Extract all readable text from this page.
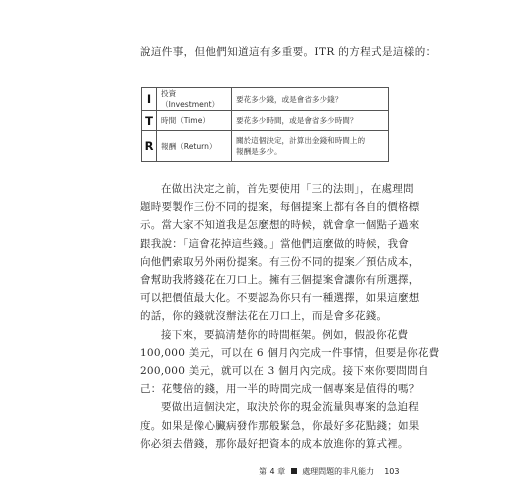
說這件事，但他們知道這有多重要。ITR 的方程式是這樣的：
I	投資（Investment）	要花多少錢，或是會省多少錢？
T	時間（Time）	要花多少時間，或是會省多少時間？
R	報酬（Return）	關於這個決定，計算出金錢和時間上的
報酬是多少。

在做出決定之前，首先要使用「三的法則」，在處理問
題時要製作三份不同的提案，每個提案上都有各自的價格標
示。當大家不知道我是怎麼想的時候，就會拿一個點子過來
跟我說：「這會花掉這些錢。」當他們這麼做的時候，我會
向他們索取另外兩份提案。有三份不同的提案／預估成本，
會幫助我將錢花在刀口上。擁有三個提案會讓你有所選擇，
可以把價值最大化。不要認為你只有一種選擇，如果這麼想
的話，你的錢就沒辦法花在刀口上，而是會多花錢。

接下來，要搞清楚你的時間框架。例如，假設你花費
100,000 美元，可以在 6 個月內完成一件事情，但要是你花費
200,000 美元，就可以在 3 個月內完成。接下來你要問問自
己：花雙倍的錢，用一半的時間完成一個專案是值得的嗎？

要做出這個決定，取決於你的現金流量與專案的急迫程
度。如果是像心臟病發作那般緊急，你最好多花點錢；如果
你必須去借錢，那你最好把資本的成本放進你的算式裡。

第 4 章 處理問題的非凡能力 103
